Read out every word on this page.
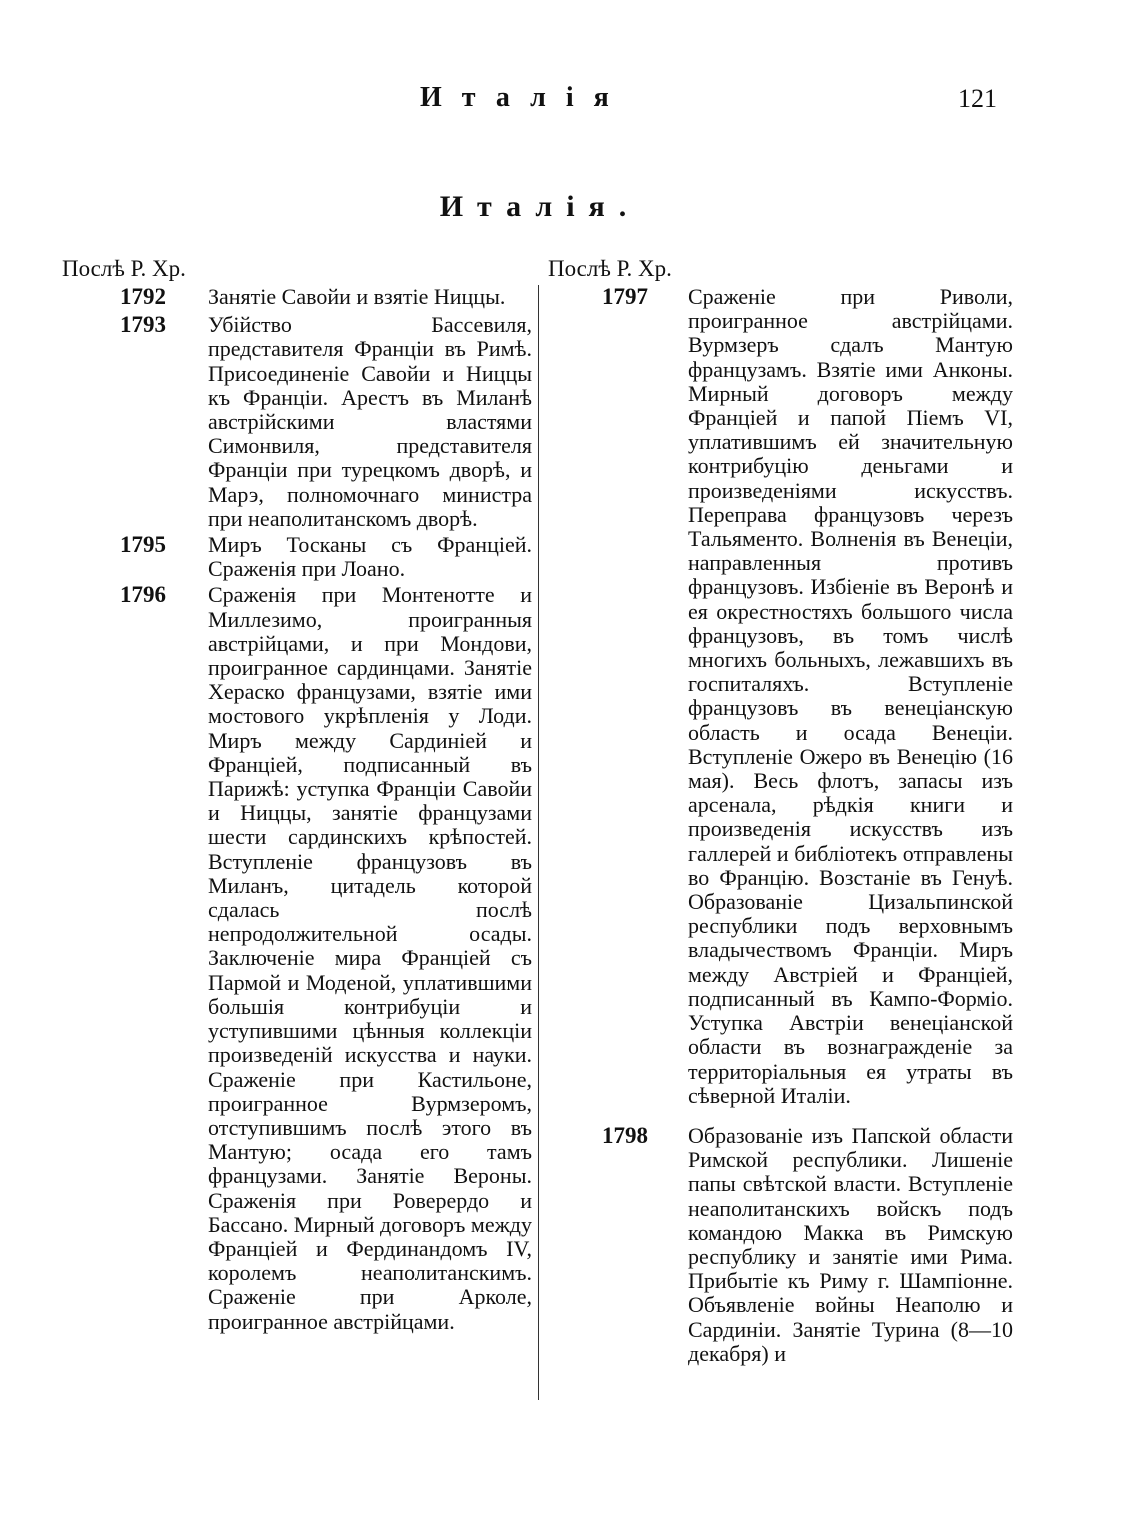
Италія	121
Италія.
Послѣ Р. Хр.
1792 Занятіе Савойи и взятіе Ниццы.
1793 Убійство Бассевиля, представителя Франціи въ Римѣ. Присоединеніе Савойи и Ниццы къ Франціи. Арестъ въ Миланѣ австрійскими властями Симонвиля, представителя Франціи при турецкомъ дворѣ, и Марэ, полномочнаго министра при неаполитанскомъ дворѣ.
1795 Миръ Тосканы съ Франціей. Сраженія при Лоано.
1796 Сраженія при Монтенотте и Миллезимо, проигранныя австрійцами, и при Мондови, проигранное сардинцами. Занятіе Хераско французами, взятіе ими мостового укрѣпленія у Лоди. Миръ между Сардиніей и Франціей, подписанный въ Парижѣ: уступка Франціи Савойи и Ниццы, занятіе французами шести сардинскихъ крѣпостей. Вступленіе французовъ въ Миланъ, цитадель которой сдалась послѣ непродолжительной осады. Заключеніе мира Франціей съ Пармой и Моденой, уплатившими большія контрибуціи и уступившими цѣнныя коллекціи произведеній искусства и науки. Сраженіе при Кастильоне, проигранное Вурмзеромъ, отступившимъ послѣ этого въ Мантую; осада его тамъ французами. Занятіе Вероны. Сраженія при Роверердо и Бассано. Мирный договоръ между Франціей и Фердинандомъ IV, королемъ неаполитанскимъ. Сраженіе при Арколе, проигранное австрійцами.
Послѣ Р. Хр.
1797 Сраженіе при Риволи, проигранное австрійцами. Вурмзеръ сдалъ Мантую французамъ. Взятіе ими Анконы. Мирный договоръ между Франціей и папой Піемъ VI, уплатившимъ ей значительную контрибуцію деньгами и произведеніями искусствъ. Переправа французовъ черезъ Тальяменто. Волненія въ Венеціи, направленныя противъ французовъ. Избіеніе въ Веронѣ и ея окрестностяхъ большого числа французовъ, въ томъ числѣ многихъ больныхъ, лежавшихъ въ госпиталяхъ. Вступленіе французовъ въ венеціанскую область и осада Венеціи. Вступленіе Ожеро въ Венецію (16 мая). Весь флотъ, запасы изъ арсенала, рѣдкія книги и произведенія искусствъ изъ галлерей и библіотекъ отправлены во Францію. Возстаніе въ Генуѣ. Образованіе Цизальпинской республики подъ верховнымъ владычествомъ Франціи. Миръ между Австріей и Франціей, подписанный въ Кампо-Форміо. Уступка Австріи венеціанской области въ вознагражденіе за территоріальныя ея утраты въ сѣверной Италіи.
1798 Образованіе изъ Папской области Римской республики. Лишеніе папы свѣтской власти. Вступленіе неаполитанскихъ войскъ подъ командою Макка въ Римскую республику и занятіе ими Рима. Прибытіе къ Риму г. Шампіонне. Объявленіе войны Неаполю и Сардиніи. Занятіе Турина (8—10 декабря) и
